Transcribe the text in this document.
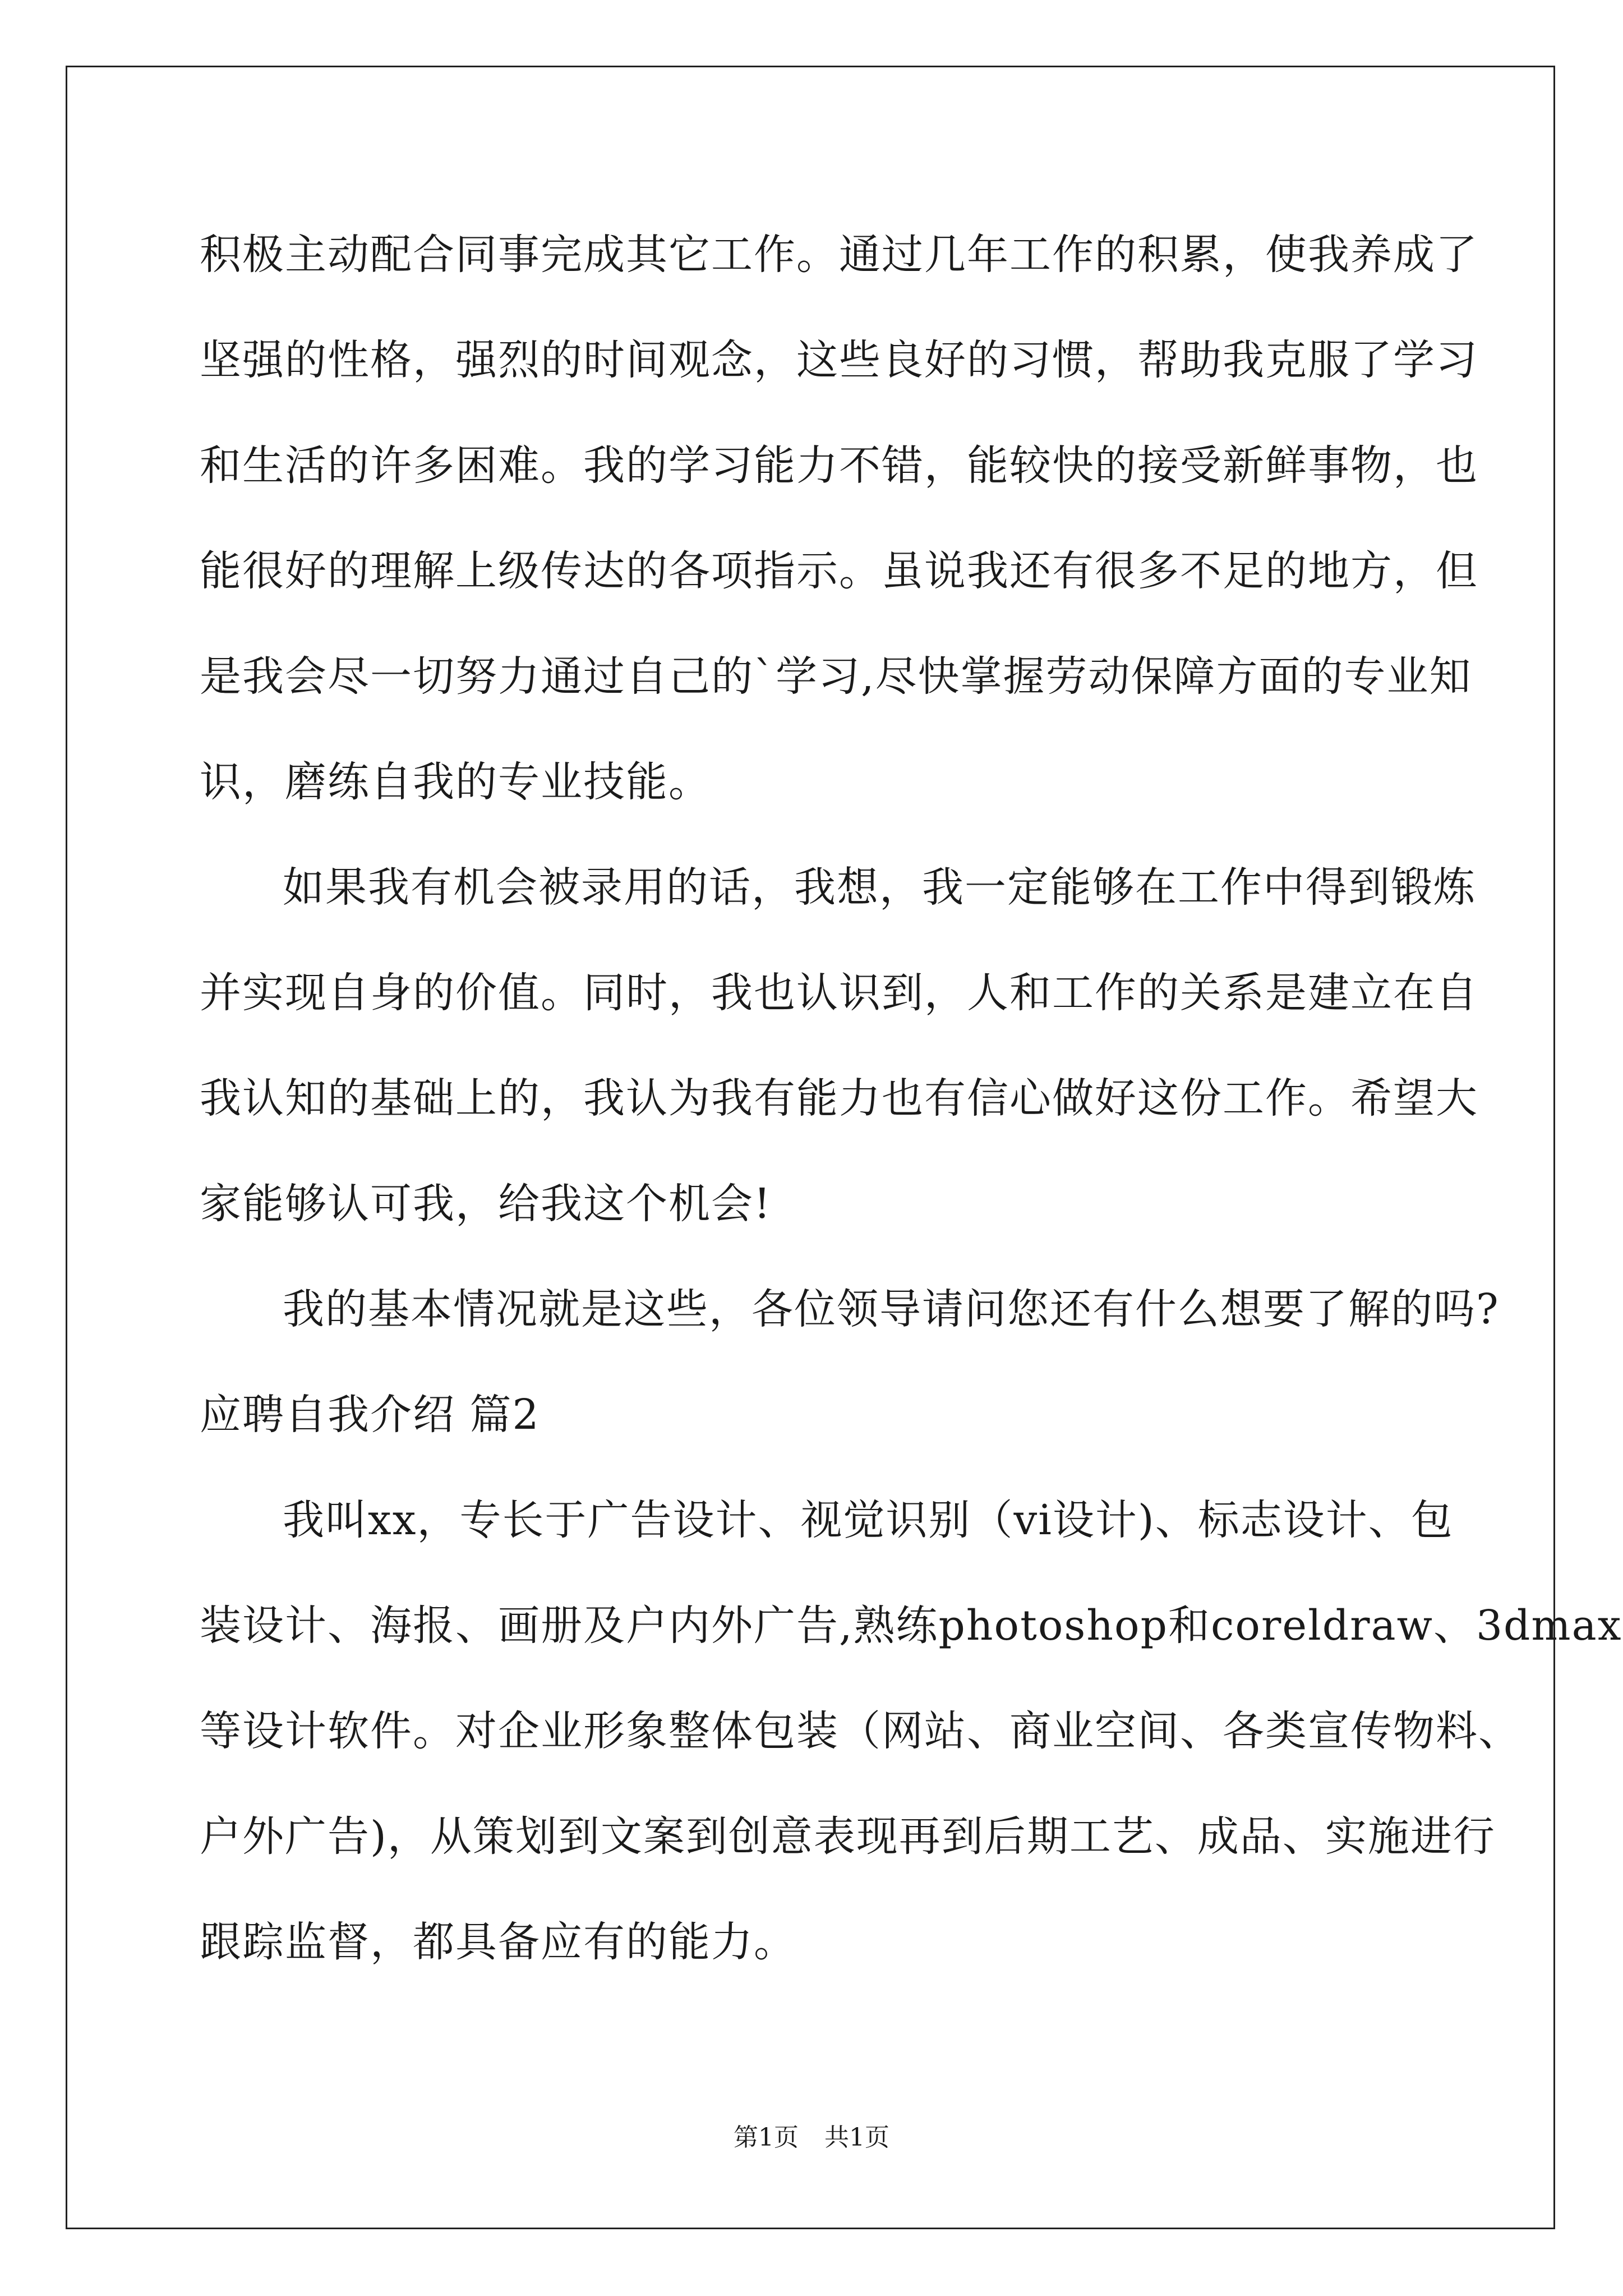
积极主动配合同事完成其它工作。通过几年工作的积累，使我养成了
坚强的性格，强烈的时间观念，这些良好的习惯，帮助我克服了学习
和生活的许多困难。我的学习能力不错，能较快的接受新鲜事物，也
能很好的理解上级传达的各项指示。虽说我还有很多不足的地方，但
是我会尽一切努力通过自己的`学习,尽快掌握劳动保障方面的专业知
识，磨练自我的专业技能。
如果我有机会被录用的话，我想，我一定能够在工作中得到锻炼
并实现自身的价值。同时，我也认识到，人和工作的关系是建立在自
我认知的基础上的，我认为我有能力也有信心做好这份工作。希望大
家能够认可我，给我这个机会!
我的基本情况就是这些，各位领导请问您还有什么想要了解的吗?
应聘自我介绍 篇2
我叫xx，专长于广告设计、视觉识别（vi设计)、标志设计、包
装设计、海报、画册及户内外广告,熟练photoshop和coreldraw、3dmax
等设计软件。对企业形象整体包装（网站、商业空间、各类宣传物料、
户外广告)，从策划到文案到创意表现再到后期工艺、成品、实施进行
跟踪监督，都具备应有的能力。
第1页 共1页
